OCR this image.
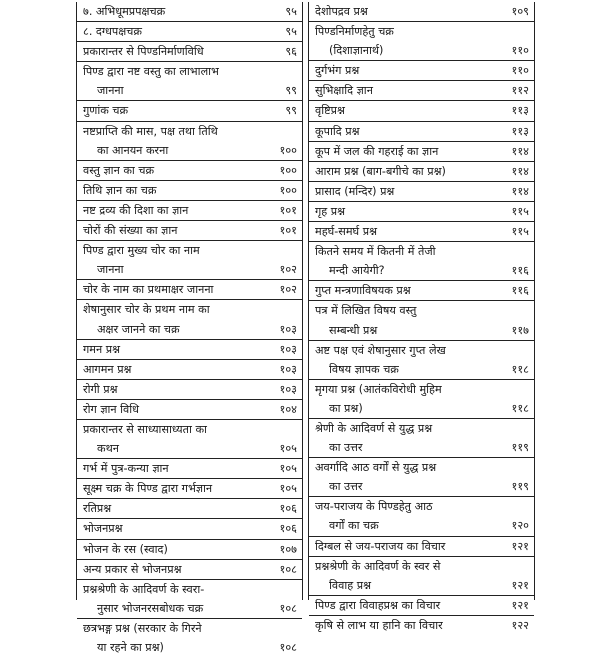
७. अभिधूमप्रपक्षचक्र	९५
८. दग्धपक्षचक्र	९५
प्रकारान्तर से पिण्डनिर्माणविधि	९६
पिण्ड द्वारा नष्ट वस्तु का लाभालाभ
जानना	९९
गुणांक चक्र	९९
नष्टप्राप्ति की मास, पक्ष तथा तिथि
का आनयन करना	१००
वस्तु ज्ञान का चक्र	१००
तिथि ज्ञान का चक्र	१००
नष्ट द्रव्य की दिशा का ज्ञान	१०१
चोरों की संख्या का ज्ञान	१०१
पिण्ड द्वारा मुख्य चोर का नाम
जानना	१०२
चोर के नाम का प्रथमाक्षर जानना	१०२
शेषानुसार चोर के प्रथम नाम का
अक्षर जानने का चक्र	१०३
गमन प्रश्न	१०३
आगमन प्रश्न	१०३
रोगी प्रश्न	१०३
रोग ज्ञान विधि	१०४
प्रकारान्तर से साध्यासाध्यता का
कथन	१०५
गर्भ में पुत्र-कन्या ज्ञान	१०५
सूक्ष्म चक्र के पिण्ड द्वारा गर्भज्ञान	१०५
रतिप्रश्न	१०६
भोजनप्रश्न	१०६
भोजन के रस (स्वाद)	१०७
अन्य प्रकार से भोजनप्रश्न	१०८
प्रश्नश्रेणी के आदिवर्ण के स्वरा-
नुसार भोजनरसबोधक चक्र	१०८
छत्रभङ्ग प्रश्न (सरकार के गिरने
या रहने का प्रश्न)	१०८
देशोपद्रव प्रश्न	१०९
पिण्डनिर्माणहेतु चक्र
(दिशाज्ञानार्थ)	११०
दुर्गभंग प्रश्न	११०
सुभिक्षादि ज्ञान	११२
वृष्टिप्रश्न	११३
कूपादि प्रश्न	११३
कूप में जल की गहराई का ज्ञान	११४
आराम प्रश्न (बाग-बगीचे का प्रश्न)	११४
प्रासाद (मन्दिर) प्रश्न	११४
गृह प्रश्न	११५
महर्घ-समर्घ प्रश्न	११५
कितने समय में कितनी में तेजी
मन्दी आयेगी?	११६
गुप्त मन्त्रणाविषयक प्रश्न	११६
पत्र में लिखित विषय वस्तु
सम्बन्धी प्रश्न	११७
अष्ट पक्ष एवं शेषानुसार गुप्त लेख
विषय ज्ञापक चक्र	११८
मृगया प्रश्न (आतंकविरोधी मुहिम
का प्रश्न)	११८
श्रेणी के आदिवर्ण से युद्ध प्रश्न
का उत्तर	११९
अवर्गादि आठ वर्गों से युद्ध प्रश्न
का उत्तर	११९
जय-पराजय के पिण्डहेतु आठ
वर्गों का चक्र	१२०
दिग्बल से जय-पराजय का विचार	१२१
प्रश्नश्रेणी के आदिवर्ण के स्वर से
विवाह प्रश्न	१२१
पिण्ड द्वारा विवाहप्रश्न का विचार	१२१
कृषि से लाभ या हानि का विचार	१२२
